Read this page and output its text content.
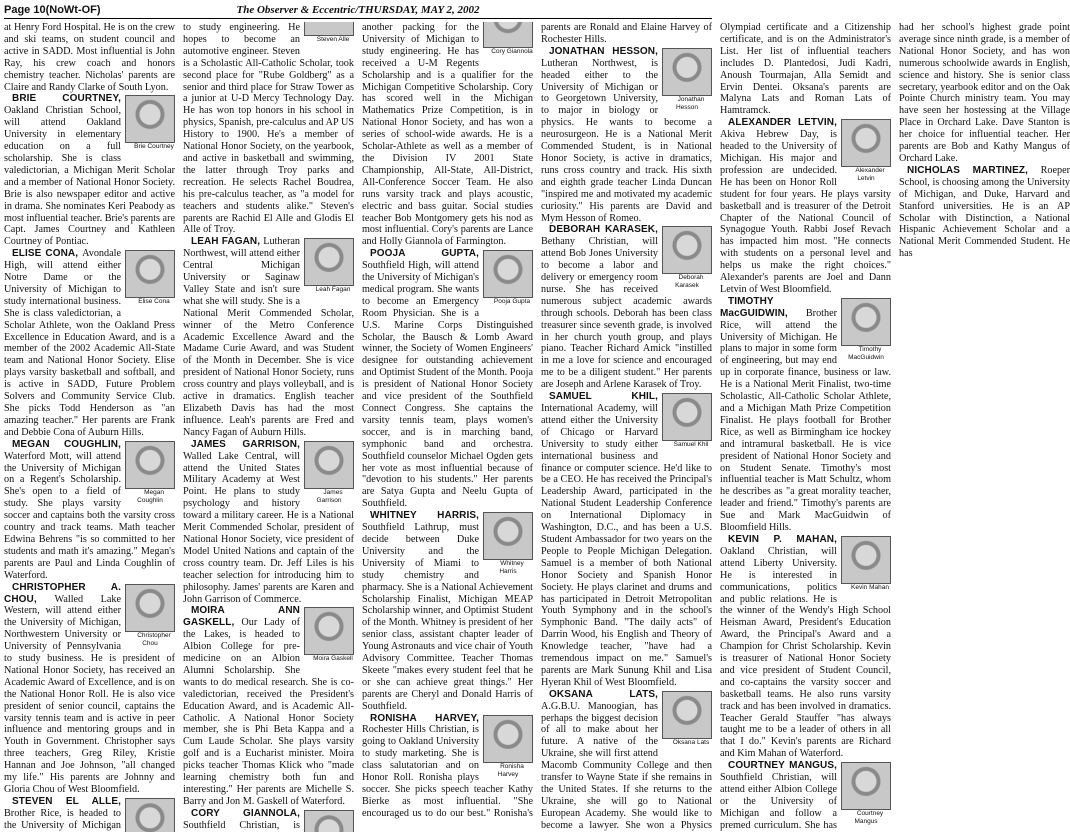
Page 10(NoWt-OF)	The Observer & Eccentric/THURSDAY, MAY 2, 2002

at Henry Ford Hospital. He is on the crew and ski teams, on student council and active in SADD. Most influential is John Ray, his crew coach and honors chemistry teacher. Nicholas' parents are Claire and Randy Clarke of South Lyon.

Brie Courtney
BRIE COURTNEY, Oakland Christian School, will attend Oakland University in elementary education on a full scholarship. She is class valedictorian, a Michigan Merit Scholar and a member of National Honor Society. Brie is also newspaper editor and active in drama. She nominates Keri Peabody as most influential teacher. Brie's parents are Capt. James Courtney and Kathleen Courtney of Pontiac.

Elise Cona
ELISE CONA, Avondale High, will attend either Notre Dame or the University of Michigan to study international business. She is class valedictorian, a Scholar Athlete, won the Oakland Press Excellence in Education Award, and is a member of the 2002 Academic All-State team and National Honor Society. Elise plays varsity basketball and softball, and is active in SADD, Future Problem Solvers and Community Service Club. She picks Todd Henderson as "an amazing teacher." Her parents are Frank and Debbie Cona of Auburn Hills.

Megan Coughlin
MEGAN COUGHLIN, Waterford Mott, will attend the University of Michigan on a Regent's Scholarship. She's open to a field of study. She plays varsity soccer and captains both the varsity cross country and track teams. Math teacher Edwina Behrens "is so committed to her students and math it's amazing." Megan's parents are Paul and Linda Coughlin of Waterford.

Christopher Chou
CHRISTOPHER A. CHOU, Walled Lake Western, will attend either the University of Michigan, Northwestern University or University of Pennsylvania to study business. He is president of National Honor Society, has received an Academic Award of Excellence, and is on the National Honor Roll. He is also vice president of senior council, captains the varsity tennis team and is active in peer influence and mentoring groups and in Youth in Government. Christopher says three teachers, Greg Riley, Kristie Hannan and Joe Johnson, "all changed my life." His parents are Johnny and Gloria Chou of West Bloomfield.

Steven Alle
STEVEN EL ALLE, Brother Rice, is headed to the University of Michigan to study engineering. He hopes to become an automotive engineer. Steven is a Scholastic All-Catholic Scholar, took second place for "Rube Goldberg" as a senior and third place for Straw Tower as a junior at U-D Mercy Technology Day. He has won top honors in his school in physics, Spanish, pre-calculus and AP US History to 1900. He's a member of National Honor Society, on the yearbook, and active in basketball and swimming, the latter through Troy parks and recreation. He selects Rachel Boudrea, his pre-calculus teacher, as "a model for teachers and students alike." Steven's parents are Rachid El Alle and Glodis El Alle of Troy.

Leah Fagan
LEAH FAGAN, Lutheran Northwest, will attend either Central Michigan University or Saginaw Valley State and isn't sure what she will study. She is a National Merit Commended Scholar, winner of the Metro Conference Academic Excellence Award and the Madame Curie Award, and was Student of the Month in December. She is vice president of National Honor Society, runs cross country and plays volleyball, and is active in dramatics. English teacher Elizabeth Davis has had the most influence. Leah's parents are Fred and Nancy Fagan of Auburn Hills.

James Garrison
JAMES GARRISON, Walled Lake Central, will attend the United States Military Academy at West Point. He plans to study psychology and history toward a military career. He is a National Merit Commended Scholar, president of National Honor Society, vice president of Model United Nations and captain of the cross country team. Dr. Jeff Liles is his teacher selection for introducing him to philosophy. James' parents are Karen and John Garrison of Commerce.

Moira Gaskell
MOIRA ANN GASKELL, Our Lady of the Lakes, is headed to Albion College for pre-medicine on an Albion Alumni Scholarship. She wants to do medical research. She is co-valedictorian, received the President's Education Award, and is Academic All-Catholic. A National Honor Society member, she is Phi Beta Kappa and a Cum Laude Scholar. She plays varsity golf and is a Eucharist minister. Moira picks teacher Thomas Klick who "made learning chemistry both fun and interesting." Her parents are Michelle S. Barry and Jon M. Gaskell of Waterford.

Cory Giannola
CORY GIANNOLA, Southfield Christian, is another packing for the University of Michigan to study engineering. He has received a U-M Regents Scholarship and is a qualifier for the Michigan Competitive Scholarship. Cory has scored well in the Michigan Mathematics Prize Competition, is in National Honor Society, and has won a series of school-wide awards. He is a Scholar-Athlete as well as a member of the Division IV 2001 State Championship, All-State, All-District, All-Conference Soccer Team. He also runs varsity track and plays acoustic, electric and bass guitar. Social studies teacher Bob Montgomery gets his nod as most influential. Cory's parents are Lance and Holly Giannola of Farmington.

Pooja Gupta
POOJA GUPTA, Southfield High, will attend the University of Michigan's medical program. She wants to become an Emergency Room Physician. She is a U.S. Marine Corps Distinguished Scholar, the Bausch & Lomb Award winner, the Society of Women Engineers' designee for outstanding achievement and Optimist Student of the Month. Pooja is president of National Honor Society and vice president of the Southfield Connect Congress. She captains the varsity tennis team, plays women's soccer, and is in marching band, symphonic band and orchestra. Southfield counselor Michael Ogden gets her vote as most influential because of "devotion to his students." Her parents are Satya Gupta and Neelu Gupta of Southfield.

Whitney Harris
WHITNEY HARRIS, Southfield Lathrup, must decide between Duke University and the University of Miami to study chemistry and pharmacy. She is a National Achievement Scholarship Finalist, Michigan MEAP Scholarship winner, and Optimist Student of the Month. Whitney is president of her senior class, assistant chapter leader of Young Astronauts and vice chair of Youth Advisory Committee. Teacher Thomas Skeete "makes every student feel that he or she can achieve great things." Her parents are Cheryl and Donald Harris of Southfield.

Ronisha Harvey
RONISHA HARVEY, Rochester Hills Christian, is going to Oakland University to study marketing. She is class salutatorian and on Honor Roll. Ronisha plays soccer. She picks speech teacher Kathy Bierke as most influential. "She encouraged us to do our best." Ronisha's parents are Ronald and Elaine Harvey of Rochester Hills.

Jonathan Hesson
JONATHAN HESSON, Lutheran Northwest, is headed either to the University of Michigan or to Georgetown University, to major in biology or physics. He wants to become a neurosurgeon. He is a National Merit Commended Student, is in National Honor Society, is active in dramatics, runs cross country and track. His sixth and eighth grade teacher Linda Duncan "inspired me and motivated my academic curiosity." His parents are David and Mym Hesson of Romeo.

Deborah Karasek
DEBORAH KARASEK, Bethany Christian, will attend Bob Jones University to become a labor and delivery or emergency room nurse. She has received numerous subject academic awards through schools. Deborah has been class treasurer since seventh grade, is involved in her church youth group, and plays piano. Teacher Richard Amick "instilled in me a love for science and encouraged me to be a diligent student." Her parents are Joseph and Arlene Karasek of Troy.

Samuel Khil
SAMUEL KHIL, International Academy, will attend either the University of Chicago or Harvard University to study either international business and finance or computer science. He'd like to be a CEO. He has received the Principal's Leadership Award, participated in the National Student Leadership Conference on International Diplomacy in Washington, D.C., and has been a U.S. Student Ambassador for two years on the People to People Michigan Delegation. Samuel is a member of both National Honor Society and Spanish Honor Society. He plays clarinet and drums and has participated in Detroit Metropolitan Youth Symphony and in the school's Symphonic Band. "The daily acts" of Darrin Wood, his English and Theory of Knowledge teacher, "have had a tremendous impact on me." Samuel's parents are Mark Sunung Khil and Lisa Hyeran Khil of West Bloomfield.

Oksana Lats
OKSANA LATS, A.G.B.U. Manoogian, has perhaps the biggest decision of all to make about her future. A native of the Ukraine, she will first attend Macomb Community College and then transfer to Wayne State if she remains in the United States. If she returns to the Ukraine, she will go to National European Academy. She would like to become a lawyer. She won a Physics Olympiad certificate and a Citizenship certificate, and is on the Administrator's List. Her list of influential teachers includes D. Plantedosi, Judi Kadri, Anoush Tourmajan, Alla Semidt and Ervin Dentei. Oksana's parents are Malyna Lats and Roman Lats of Hamtramck.

Alexander Letvin
ALEXANDER LETVIN, Akiva Hebrew Day, is headed to the University of Michigan. His major and profession are undecided. He has been on Honor Roll student for four years. He plays varsity basketball and is treasurer of the Detroit Chapter of the National Council of Synagogue Youth. Rabbi Josef Revach has impacted him most. "He connects with students on a personal level and helps us make the right choices." Alexander's parents are Joel and Dann Letvin of West Bloomfield.

Timothy MacGuidwin
TIMOTHY MacGUIDWIN, Brother Rice, will attend the University of Michigan. He plans to major in some form of engineering, but may end up in corporate finance, business or law. He is a National Merit Finalist, two-time Scholastic, All-Catholic Scholar Athlete, and a Michigan Math Prize Competition Finalist. He plays football for Brother Rice, as well as Birmingham ice hockey and intramural basketball. He is vice president of National Honor Society and on Student Senate. Timothy's most influential teacher is Matt Schultz, whom he describes as "a great morality teacher, leader and friend." Timothy's parents are Sue and Mark MacGuidwin of Bloomfield Hills.

Kevin Mahan
KEVIN P. MAHAN, Oakland Christian, will attend Liberty University. He is interested in communications, politics and public relations. He is the winner of the Wendy's High School Heisman Award, President's Education Award, the Principal's Award and a Champion for Christ Scholarship. Kevin is treasurer of National Honor Society and vice president of Student Council, and co-captains the varsity soccer and basketball teams. He also runs varsity track and has been involved in dramatics. Teacher Gerald Stauffer "has always taught me to be a leader of others in all that I do." Kevin's parents are Richard and Kim Mahan of Waterford.

Courtney Mangus
COURTNEY MANGUS, Southfield Christian, will attend either Albion College or the University of Michigan and follow a premed curriculum. She has had her school's highest grade point average since ninth grade, is a member of National Honor Society, and has won numerous schoolwide awards in English, science and history. She is senior class secretary, yearbook editor and on the Oak Pointe Church ministry team. You may have seen her hostessing at the Village Place in Orchard Lake. Dave Stanton is her choice for influential teacher. Her parents are Bob and Kathy Mangus of Orchard Lake.

NICHOLAS MARTINEZ, Roeper School, is choosing among the University of Michigan, and Duke, Harvard and Stanford universities. He is an AP Scholar with Distinction, a National Hispanic Achievement Scholar and a National Merit Commended Student. He has
